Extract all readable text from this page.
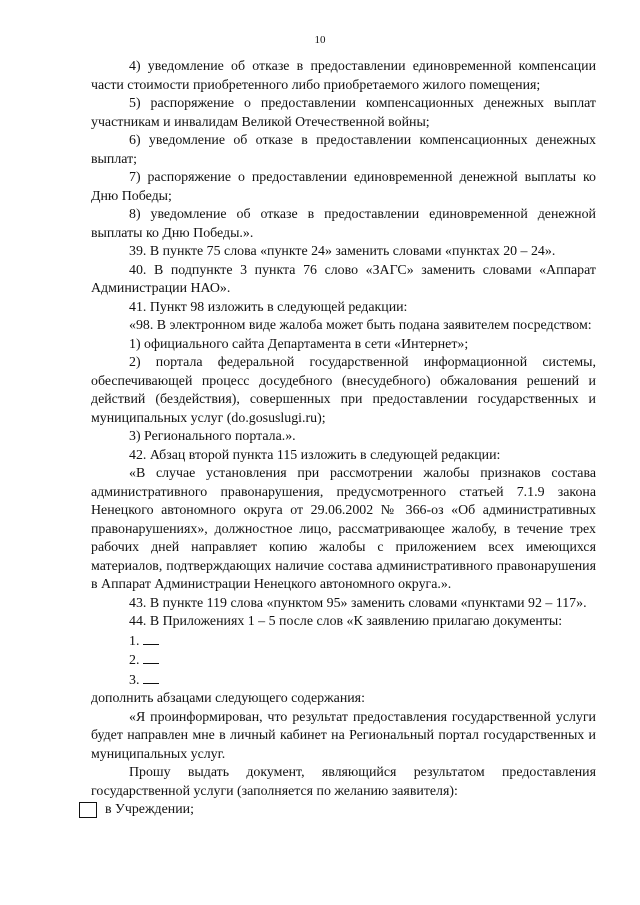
10

4) уведомление об отказе в предоставлении единовременной компенсации части стоимости приобретенного либо приобретаемого жилого помещения;

5) распоряжение о предоставлении компенсационных денежных выплат участникам и инвалидам Великой Отечественной войны;

6) уведомление об отказе в предоставлении компенсационных денежных выплат;

7) распоряжение о предоставлении единовременной денежной выплаты ко Дню Победы;

8) уведомление об отказе в предоставлении единовременной денежной выплаты ко Дню Победы.».

39. В пункте 75 слова «пункте 24» заменить словами «пунктах 20 – 24».

40. В подпункте 3 пункта 76 слово «ЗАГС» заменить словами «Аппарат Администрации НАО».

41. Пункт 98 изложить в следующей редакции:

«98. В электронном виде жалоба может быть подана заявителем посредством:

1) официального сайта Департамента в сети «Интернет»;

2) портала федеральной государственной информационной системы, обеспечивающей процесс досудебного (внесудебного) обжалования решений и действий (бездействия), совершенных при предоставлении государственных и муниципальных услуг (do.gosuslugi.ru);

3) Регионального портала.».

42. Абзац второй пункта 115 изложить в следующей редакции:

«В случае установления при рассмотрении жалобы признаков состава административного правонарушения, предусмотренного статьей 7.1.9 закона Ненецкого автономного округа от 29.06.2002 № 366-оз «Об административных правонарушениях», должностное лицо, рассматривающее жалобу, в течение трех рабочих дней направляет копию жалобы с приложением всех имеющихся материалов, подтверждающих наличие состава административного правонарушения в Аппарат Администрации Ненецкого автономного округа.».

43. В пункте 119 слова «пунктом 95» заменить словами «пунктами 92 – 117».

44. В Приложениях 1 – 5 после слов «К заявлению прилагаю документы:

1.

2.

3.

дополнить абзацами следующего содержания:

«Я проинформирован, что результат предоставления государственной услуги будет направлен мне в личный кабинет на Региональный портал государственных и муниципальных услуг.

Прошу выдать документ, являющийся результатом предоставления государственной услуги (заполняется по желанию заявителя):

в Учреждении;
